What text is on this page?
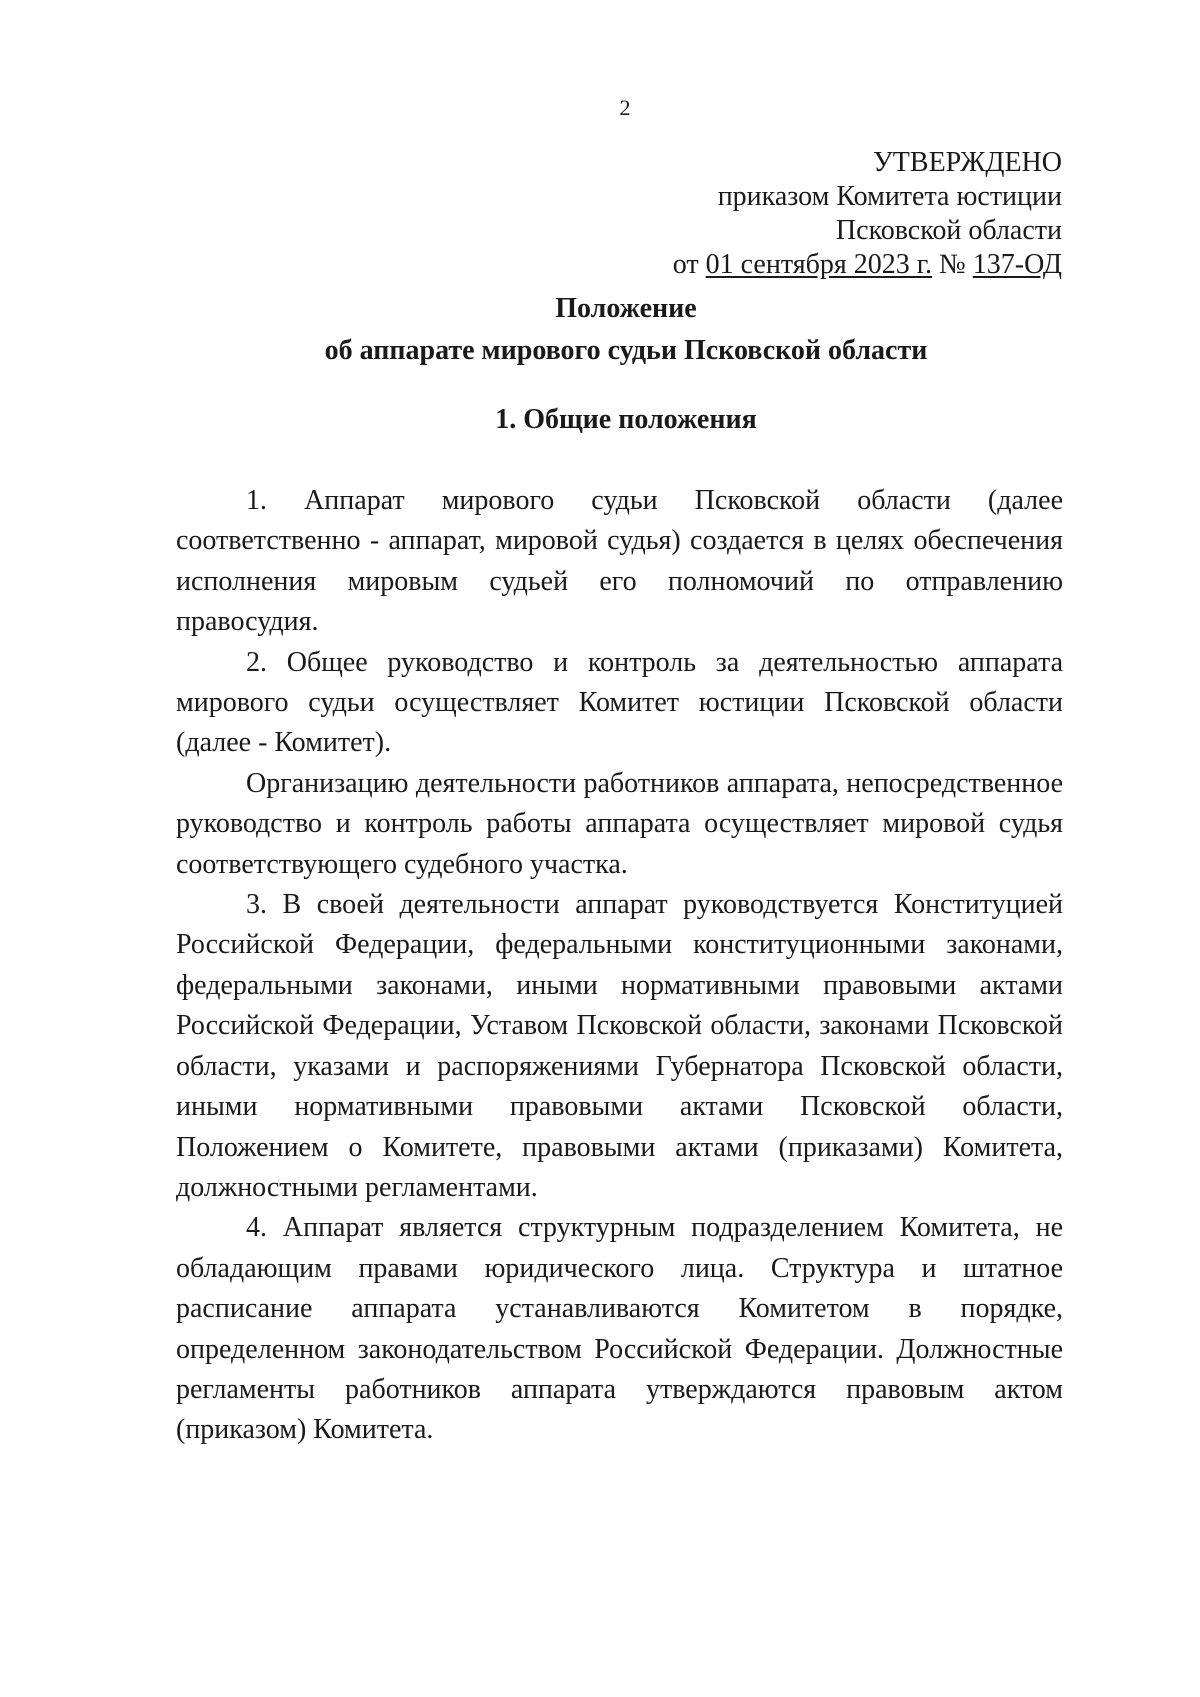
2
УТВЕРЖДЕНО
приказом Комитета юстиции
Псковской области
от 01 сентября 2023 г. № 137-ОД
Положение
об аппарате мирового судьи Псковской области
1. Общие положения

1. Аппарат мирового судьи Псковской области (далее соответственно - аппарат, мировой судья) создается в целях обеспечения исполнения мировым судьей его полномочий по отправлению правосудия.

2. Общее руководство и контроль за деятельностью аппарата мирового судьи осуществляет Комитет юстиции Псковской области (далее - Комитет).

Организацию деятельности работников аппарата, непосредственное руководство и контроль работы аппарата осуществляет мировой судья соответствующего судебного участка.

3. В своей деятельности аппарат руководствуется Конституцией Российской Федерации, федеральными конституционными законами, федеральными законами, иными нормативными правовыми актами Российской Федерации, Уставом Псковской области, законами Псковской области, указами и распоряжениями Губернатора Псковской области, иными нормативными правовыми актами Псковской области, Положением о Комитете, правовыми актами (приказами) Комитета, должностными регламентами.

4. Аппарат является структурным подразделением Комитета, не обладающим правами юридического лица. Структура и штатное расписание аппарата устанавливаются Комитетом в порядке, определенном законодательством Российской Федерации. Должностные регламенты работников аппарата утверждаются правовым актом (приказом) Комитета.
